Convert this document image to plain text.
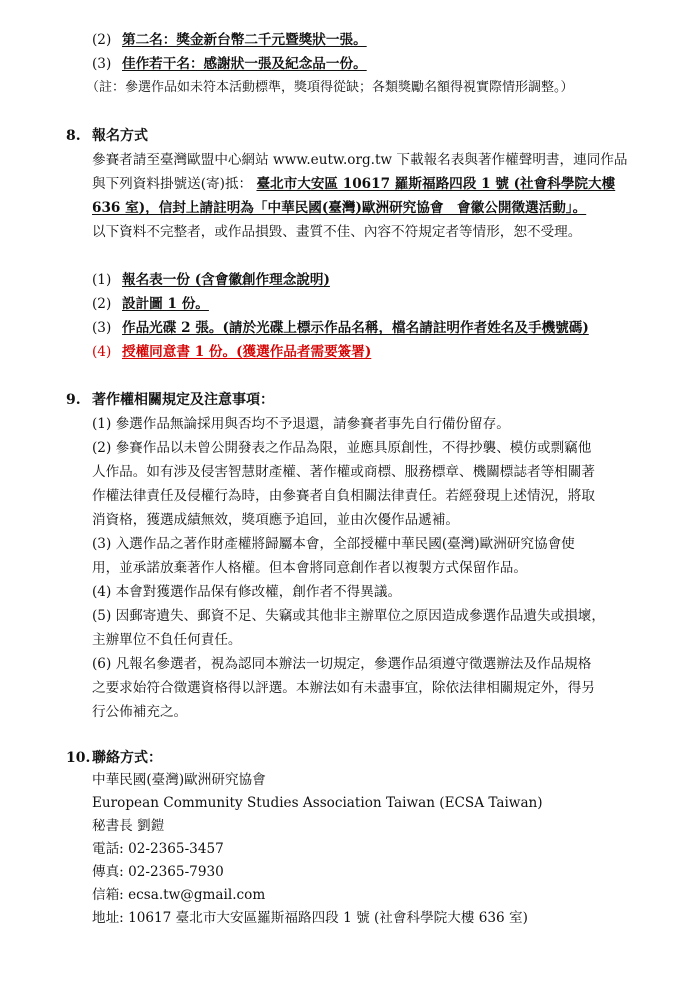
(2) 第二名：獎金新台幣二千元暨獎狀一張。
(3) 佳作若干名：感謝狀一張及紀念品一份。
（註：參選作品如未符本活動標準，獎項得從缺；各類獎勵名額得視實際情形調整。）
8. 報名方式
參賽者請至臺灣歐盟中心網站 www.eutw.org.tw 下載報名表與著作權聲明書，連同作品
與下列資料掛號送(寄)抵： 臺北市大安區 10617 羅斯福路四段 1 號 (社會科學院大樓
636 室)，信封上請註明為「中華民國(臺灣)歐洲研究協會　會徽公開徵選活動」。
以下資料不完整者，或作品損毀、畫質不佳、內容不符規定者等情形，恕不受理。
(1) 報名表一份 (含會徽創作理念說明)
(2) 設計圖 1 份。
(3) 作品光碟 2 張。(請於光碟上標示作品名稱，檔名請註明作者姓名及手機號碼)
(4) 授權同意書 1 份。(獲選作品者需要簽署)
9. 著作權相關規定及注意事項：
(1) 參選作品無論採用與否均不予退還，請參賽者事先自行備份留存。
(2) 參賽作品以未曾公開發表之作品為限，並應具原創性，不得抄襲、模仿或剽竊他
人作品。如有涉及侵害智慧財產權、著作權或商標、服務標章、機關標誌者等相關著
作權法律責任及侵權行為時，由參賽者自負相關法律責任。若經發現上述情況，將取
消資格，獲選成績無效，獎項應予追回，並由次優作品遞補。
(3) 入選作品之著作財產權將歸屬本會，全部授權中華民國(臺灣)歐洲研究協會使
用，並承諾放棄著作人格權。但本會將同意創作者以複製方式保留作品。
(4) 本會對獲選作品保有修改權，創作者不得異議。
(5) 因郵寄遺失、郵資不足、失竊或其他非主辦單位之原因造成參選作品遺失或損壞，
主辦單位不負任何責任。
(6) 凡報名參選者，視為認同本辦法一切規定，參選作品須遵守徵選辦法及作品規格
之要求始符合徵選資格得以評選。本辦法如有未盡事宜，除依法律相關規定外，得另
行公佈補充之。
10. 聯絡方式：
中華民國(臺灣)歐洲研究協會
European Community Studies Association Taiwan (ECSA Taiwan)
秘書長 劉鎧
電話: 02-2365-3457
傳真: 02-2365-7930
信箱: ecsa.tw@gmail.com
地址: 10617 臺北市大安區羅斯福路四段 1 號 (社會科學院大樓 636 室)
